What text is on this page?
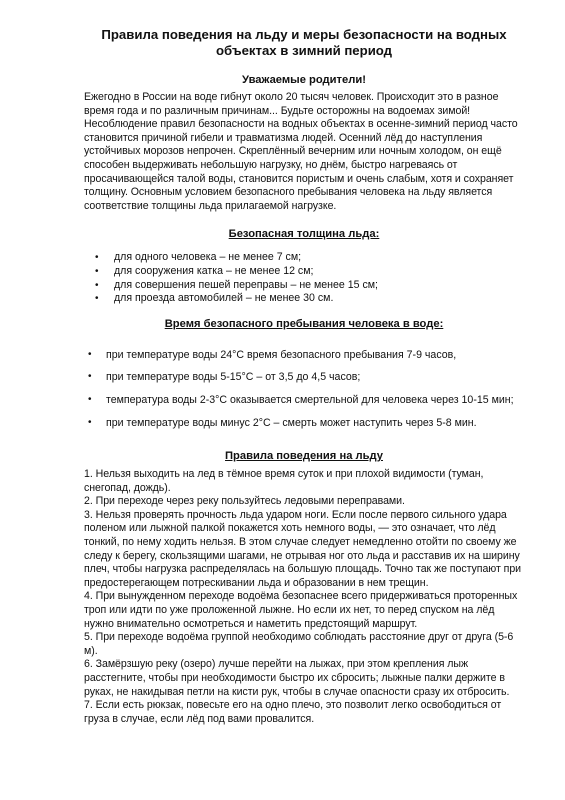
Правила поведения на льду и меры безопасности на водных объектах в зимний период
Уважаемые родители!

Ежегодно в России на воде гибнут около 20 тысяч человек. Происходит это в разное время года и по различным причинам... Будьте осторожны на водоемах зимой! Несоблюдение правил безопасности на водных объектах в осенне-зимний период часто становится причиной гибели и травматизма людей. Осенний лёд до наступления устойчивых морозов непрочен. Скреплённый вечерним или ночным холодом, он ещё способен выдерживать небольшую нагрузку, но днём, быстро нагреваясь от просачивающейся талой воды, становится пористым и очень слабым, хотя и сохраняет толщину. Основным условием безопасного пребывания человека на льду является соответствие толщины льда прилагаемой нагрузке.

Безопасная толщина льда:
• для одного человека – не менее 7 см;
• для сооружения катка – не менее 12 см;
• для совершения пешей переправы – не менее 15 см;
• для проезда автомобилей – не менее 30 см.
Время безопасного пребывания человека в воде:
• при температуре воды 24°С время безопасного пребывания 7-9 часов,
• при температуре воды 5-15°С – от 3,5 до 4,5 часов;
• температура воды 2-3°С оказывается смертельной для человека через 10-15 мин;
• при температуре воды минус 2°С – смерть может наступить через 5-8 мин.
Правила поведения на льду
1. Нельзя выходить на лед в тёмное время суток и при плохой видимости (туман, снегопад, дождь).
2. При переходе через реку пользуйтесь ледовыми переправами.
3. Нельзя проверять прочность льда ударом ноги. Если после первого сильного удара поленом или лыжной палкой покажется хоть немного воды, — это означает, что лёд тонкий, по нему ходить нельзя. В этом случае следует немедленно отойти по своему же следу к берегу, скользящими шагами, не отрывая ног ото льда и расставив их на ширину плеч, чтобы нагрузка распределялась на большую площадь. Точно так же поступают при предостерегающем потрескивании льда и образовании в нем трещин.
4. При вынужденном переходе водоёма безопаснее всего придерживаться проторенных троп или идти по уже проложенной лыжне. Но если их нет, то перед спуском на лёд нужно внимательно осмотреться и наметить предстоящий маршрут.
5. При переходе водоёма группой необходимо соблюдать расстояние друг от друга (5-6 м).
6. Замёрзшую реку (озеро) лучше перейти на лыжах, при этом крепления лыж расстегните, чтобы при необходимости быстро их сбросить; лыжные палки держите в руках, не накидывая петли на кисти рук, чтобы в случае опасности сразу их отбросить.
7. Если есть рюкзак, повесьте его на одно плечо, это позволит легко освободиться от груза в случае, если лёд под вами провалится.
